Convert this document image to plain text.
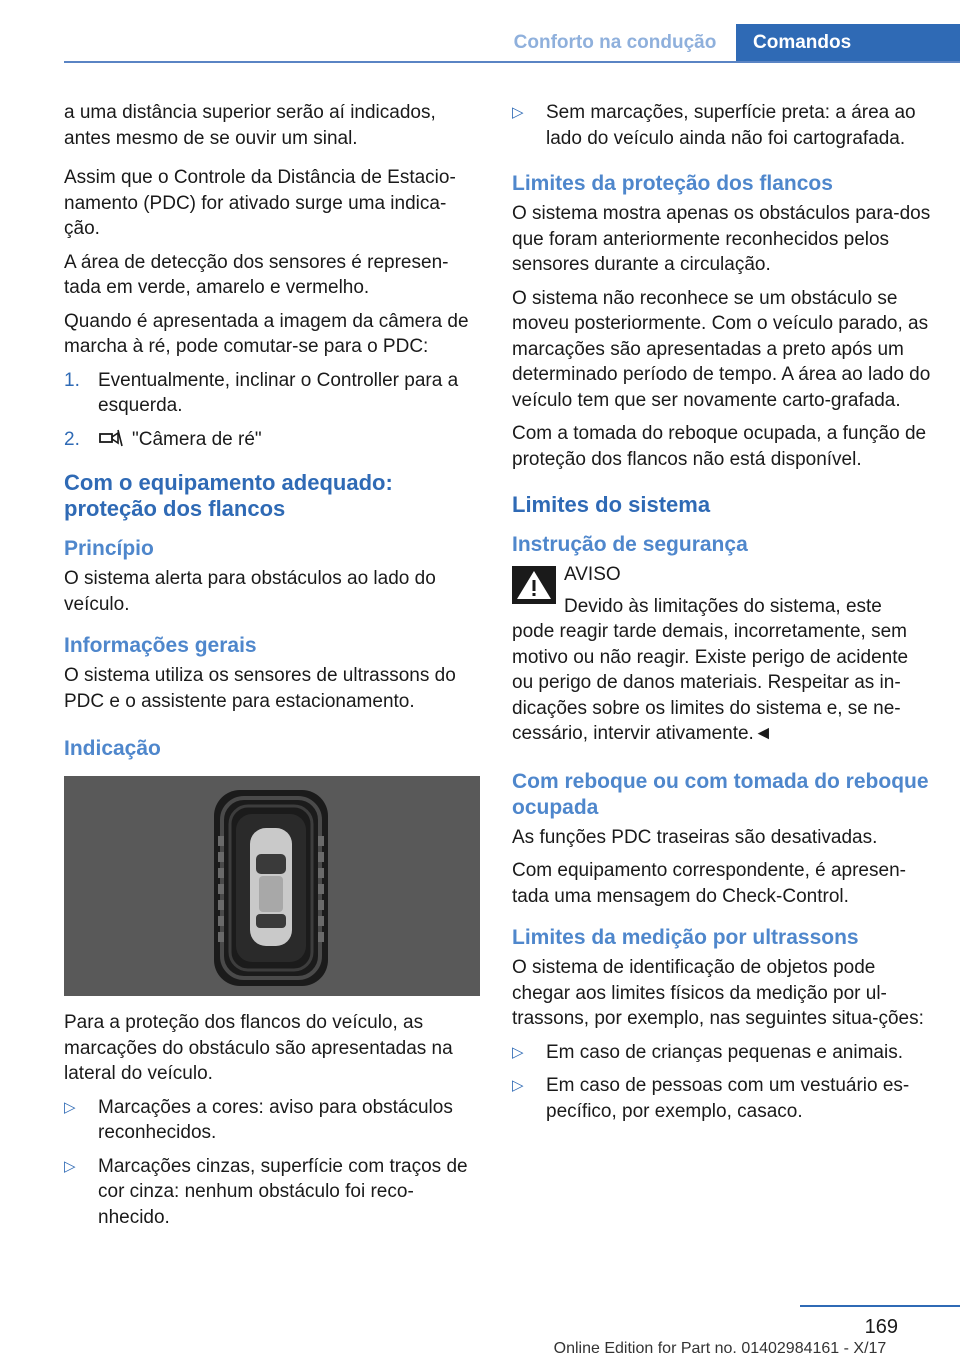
Conforto na condução	Comandos

a uma distância superior serão aí indicados, antes mesmo de se ouvir um sinal.

Assim que o Controle da Distância de Estacio‐namento (PDC) for ativado surge uma indica‐ção.

A área de detecção dos sensores é represen‐tada em verde, amarelo e vermelho.

Quando é apresentada a imagem da câmera de marcha à ré, pode comutar-se para o PDC:

1. Eventualmente, inclinar o Controller para a esquerda.
2.	"Câmera de ré"
Com o equipamento adequado: proteção dos flancos
Princípio

O sistema alerta para obstáculos ao lado do veículo.

Informações gerais

O sistema utiliza os sensores de ultrassons do PDC e o assistente para estacionamento.

Indicação

Para a proteção dos flancos do veículo, as marcações do obstáculo são apresentadas na lateral do veículo.

▷	Marcações a cores: aviso para obstáculos reconhecidos.
▷	Marcações cinzas, superfície com traços de cor cinza: nenhum obstáculo foi reco‐nhecido.
▷	Sem marcações, superfície preta: a área ao lado do veículo ainda não foi cartografada.
Limites da proteção dos flancos

O sistema mostra apenas os obstáculos para‐dos que foram anteriormente reconhecidos pelos sensores durante a circulação.

O sistema não reconhece se um obstáculo se moveu posteriormente. Com o veículo parado, as marcações são apresentadas a preto após um determinado período de tempo. A área ao lado do veículo tem que ser novamente carto‐grafada.

Com a tomada do reboque ocupada, a função de proteção dos flancos não está disponível.

Limites do sistema
Instrução de segurança
AVISO
Devido às limitações do sistema, este
pode reagir tarde demais, incorretamente, sem motivo ou não reagir. Existe perigo de acidente ou perigo de danos materiais. Respeitar as in‐dicações sobre os limites do sistema e, se ne‐cessário, intervir ativamente.◄
Com reboque ou com tomada do reboque ocupada

As funções PDC traseiras são desativadas.

Com equipamento correspondente, é apresen‐tada uma mensagem do Check-Control.

Limites da medição por ultrassons

O sistema de identificação de objetos pode chegar aos limites físicos da medição por ul‐trassons, por exemplo, nas seguintes situa‐ções:

▷	Em caso de crianças pequenas e animais.
▷	Em caso de pessoas com um vestuário es‐pecífico, por exemplo, casaco.
169
Online Edition for Part no. 01402984161 - X/17
